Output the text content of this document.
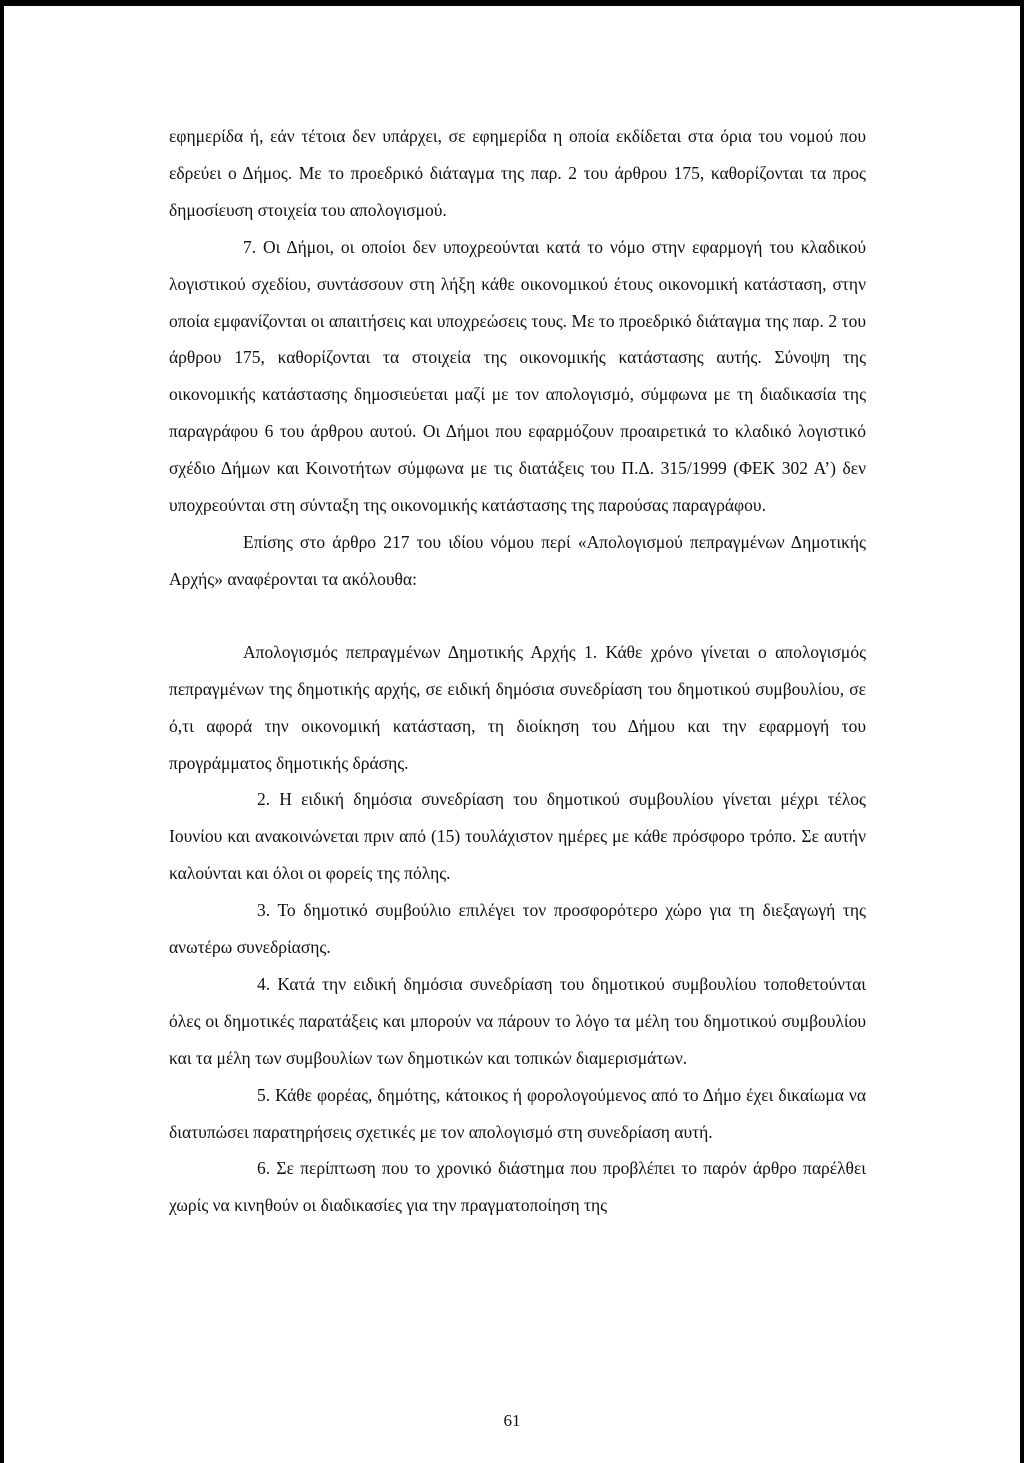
εφημερίδα ή, εάν τέτοια δεν υπάρχει, σε εφημερίδα η οποία εκδίδεται στα όρια του νομού που εδρεύει ο Δήμος. Με το προεδρικό διάταγμα της παρ. 2 του άρθρου 175, καθορίζονται τα προς δημοσίευση στοιχεία του απολογισμού.

7. Οι Δήμοι, οι οποίοι δεν υποχρεούνται κατά το νόμο στην εφαρμογή του κλαδικού λογιστικού σχεδίου, συντάσσουν στη λήξη κάθε οικονομικού έτους οικονομική κατάσταση, στην οποία εμφανίζονται οι απαιτήσεις και υποχρεώσεις τους. Με το προεδρικό διάταγμα της παρ. 2 του άρθρου 175, καθορίζονται τα στοιχεία της οικονομικής κατάστασης αυτής. Σύνοψη της οικονομικής κατάστασης δημοσιεύεται μαζί με τον απολογισμό, σύμφωνα με τη διαδικασία της παραγράφου 6 του άρθρου αυτού. Οι Δήμοι που εφαρμόζουν προαιρετικά το κλαδικό λογιστικό σχέδιο Δήμων και Κοινοτήτων σύμφωνα με τις διατάξεις του Π.Δ. 315/1999 (ΦΕΚ 302 Α’) δεν υποχρεούνται στη σύνταξη της οικονομικής κατάστασης της παρούσας παραγράφου.

Επίσης στο άρθρο 217 του ιδίου νόμου περί «Απολογισμού πεπραγμένων Δημοτικής Αρχής» αναφέρονται τα ακόλουθα:

Απολογισμός πεπραγμένων Δημοτικής Αρχής 1. Κάθε χρόνο γίνεται ο απολογισμός πεπραγμένων της δημοτικής αρχής, σε ειδική δημόσια συνεδρίαση του δημοτικού συμβουλίου, σε ό,τι αφορά την οικονομική κατάσταση, τη διοίκηση του Δήμου και την εφαρμογή του προγράμματος δημοτικής δράσης.

2. Η ειδική δημόσια συνεδρίαση του δημοτικού συμβουλίου γίνεται μέχρι τέλος Ιουνίου και ανακοινώνεται πριν από (15) τουλάχιστον ημέρες με κάθε πρόσφορο τρόπο. Σε αυτήν καλούνται και όλοι οι φορείς της πόλης.

3. Το δημοτικό συμβούλιο επιλέγει τον προσφορότερο χώρο για τη διεξαγωγή της ανωτέρω συνεδρίασης.

4. Κατά την ειδική δημόσια συνεδρίαση του δημοτικού συμβουλίου τοποθετούνται όλες οι δημοτικές παρατάξεις και μπορούν να πάρουν το λόγο τα μέλη του δημοτικού συμβουλίου και τα μέλη των συμβουλίων των δημοτικών και τοπικών διαμερισμάτων.

5. Κάθε φορέας, δημότης, κάτοικος ή φορολογούμενος από το Δήμο έχει δικαίωμα να διατυπώσει παρατηρήσεις σχετικές με τον απολογισμό στη συνεδρίαση αυτή.

6. Σε περίπτωση που το χρονικό διάστημα που προβλέπει το παρόν άρθρο παρέλθει χωρίς να κινηθούν οι διαδικασίες για την πραγματοποίηση της

61
